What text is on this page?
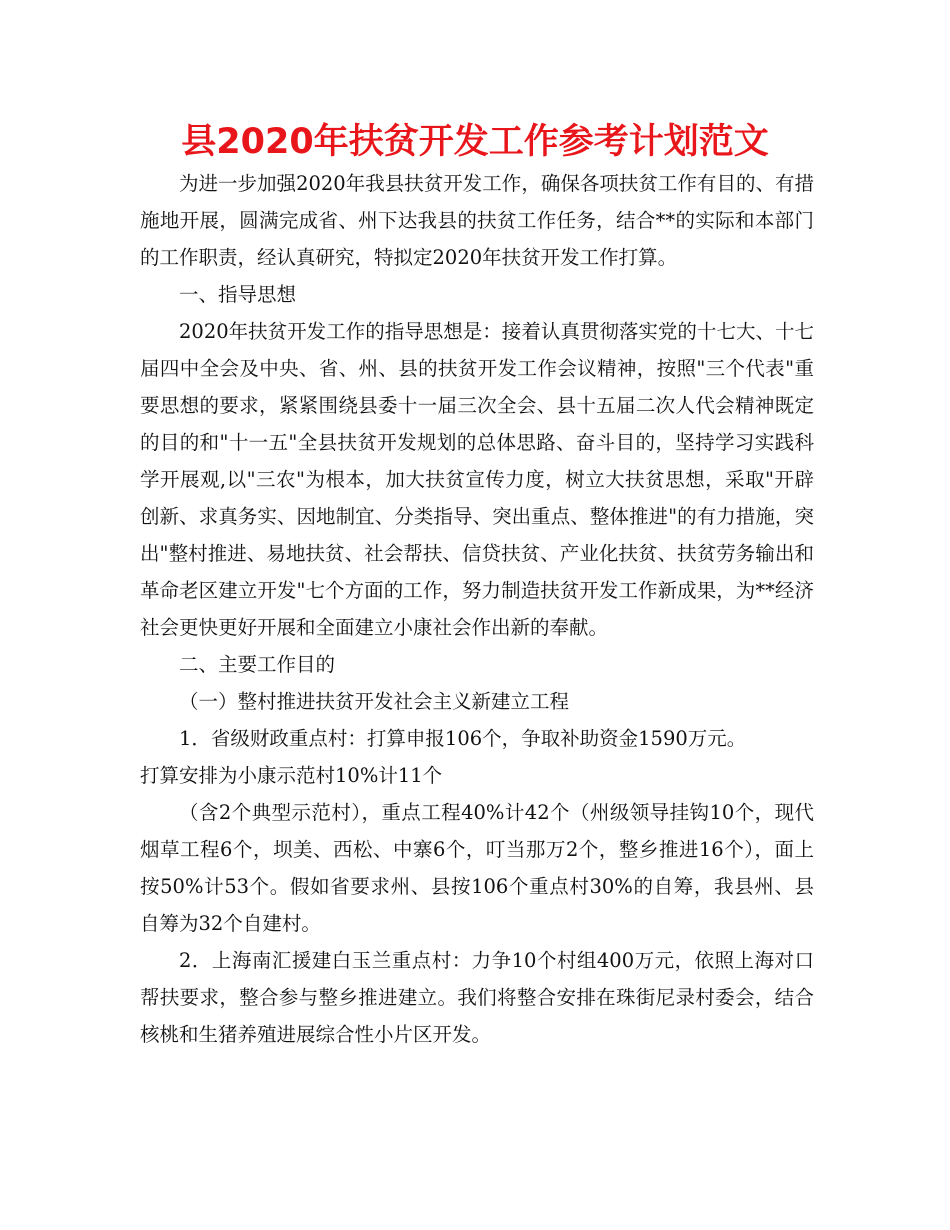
县2020年扶贫开发工作参考计划范文

为进一步加强2020年我县扶贫开发工作，确保各项扶贫工作有目的、有措施地开展，圆满完成省、州下达我县的扶贫工作任务，结合**的实际和本部门的工作职责，经认真研究，特拟定2020年扶贫开发工作打算。

一、指导思想

2020年扶贫开发工作的指导思想是：接着认真贯彻落实党的十七大、十七届四中全会及中央、省、州、县的扶贫开发工作会议精神，按照"三个代表"重要思想的要求，紧紧围绕县委十一届三次全会、县十五届二次人代会精神既定的目的和"十一五"全县扶贫开发规划的总体思路、奋斗目的，坚持学习实践科学开展观,以"三农"为根本，加大扶贫宣传力度，树立大扶贫思想，采取"开辟创新、求真务实、因地制宜、分类指导、突出重点、整体推进"的有力措施，突出"整村推进、易地扶贫、社会帮扶、信贷扶贫、产业化扶贫、扶贫劳务输出和革命老区建立开发"七个方面的工作，努力制造扶贫开发工作新成果，为**经济社会更快更好开展和全面建立小康社会作出新的奉献。

二、主要工作目的

（一）整村推进扶贫开发社会主义新建立工程

1．省级财政重点村：打算申报106个，争取补助资金1590万元。

打算安排为小康示范村10%计11个

（含2个典型示范村），重点工程40%计42个（州级领导挂钩10个，现代烟草工程6个，坝美、西松、中寨6个，叮当那万2个，整乡推进16个），面上按50%计53个。假如省要求州、县按106个重点村30%的自筹，我县州、县自筹为32个自建村。

2．上海南汇援建白玉兰重点村：力争10个村组400万元，依照上海对口帮扶要求，整合参与整乡推进建立。我们将整合安排在珠街尼录村委会，结合核桃和生猪养殖进展综合性小片区开发。
